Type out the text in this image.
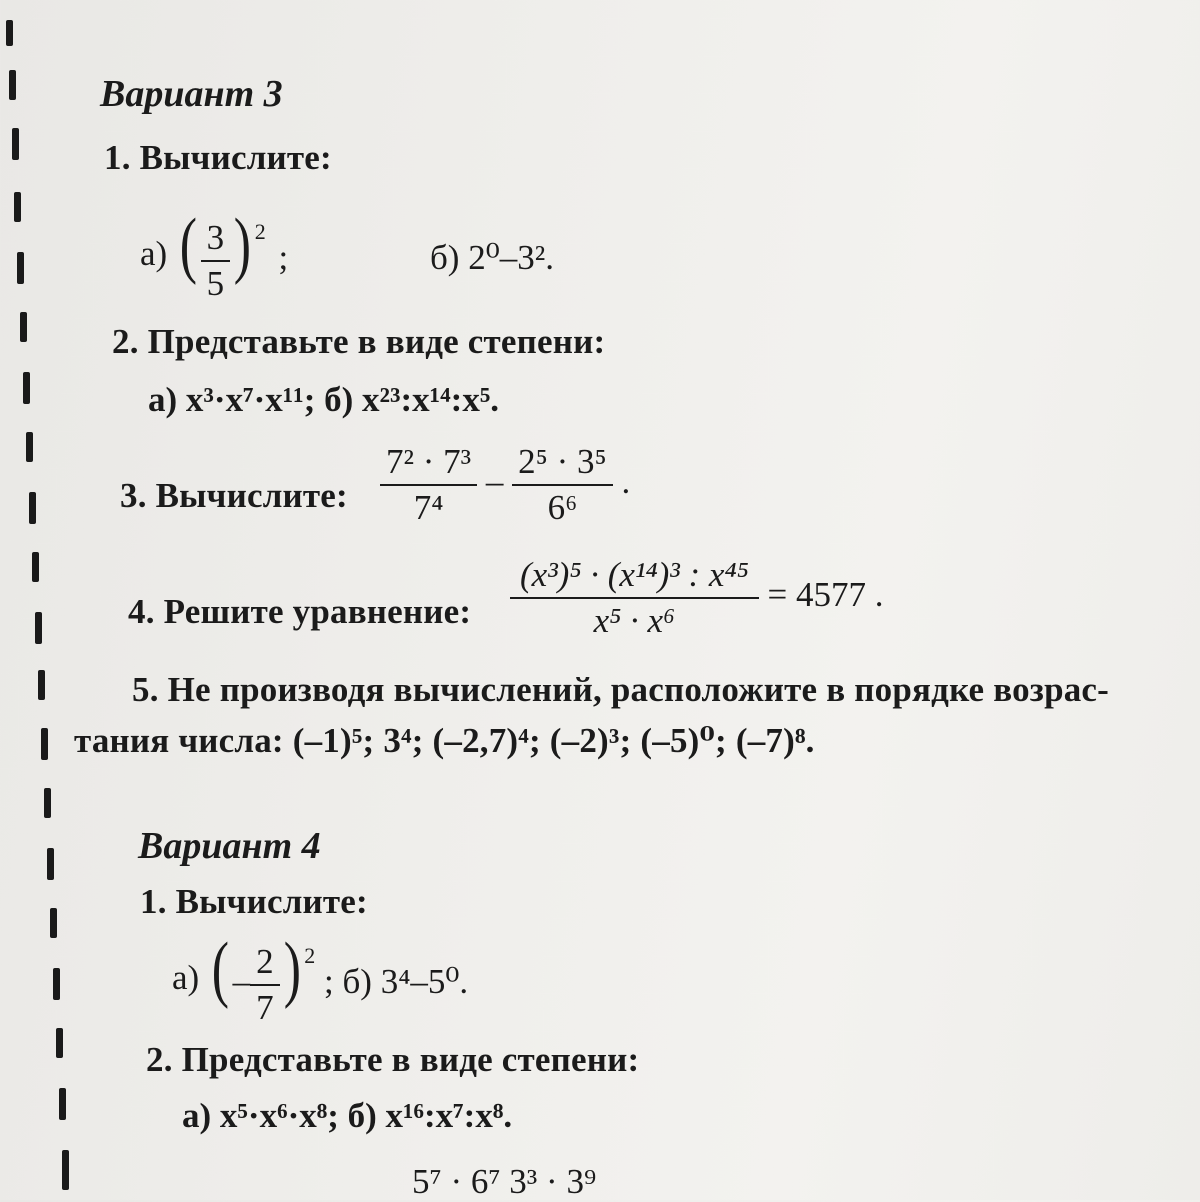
Вариант 3
1. Вычислите:
а) ( $\frac{3}{5}$ ) $^2$ ;	б) 2⁰–3².
2. Представьте в виде степени:
а) x³·x⁷·x¹¹; б) x²³:x¹⁴:x⁵.
3. Вычислите: $\frac{\text{7² · 7³}}{\text{7⁴}} - \frac{\text{2⁵ · 3⁵}}{\text{6⁶}}$ .
4. Решите уравнение: $\frac{\text{(x³)⁵ · (x¹⁴)³ : x⁴⁵}}{\text{x⁵ · x⁶}} = 4577$ .
5. Не производя вычислений, расположите в порядке возрас-
тания числа: (–1)⁵; 3⁴; (–2,7)⁴; (–2)³; (–5)⁰; (–7)⁸.
Вариант 4
1. Вычислите:
а) ( – $\frac{2}{7}$ ) $^2$ ; б) 3⁴–5⁰.
2. Представьте в виде степени:
а) x⁵·x⁶·x⁸; б) x¹⁶:x⁷:x⁸.
5⁷ · 6⁷ 3³ · 3⁹
